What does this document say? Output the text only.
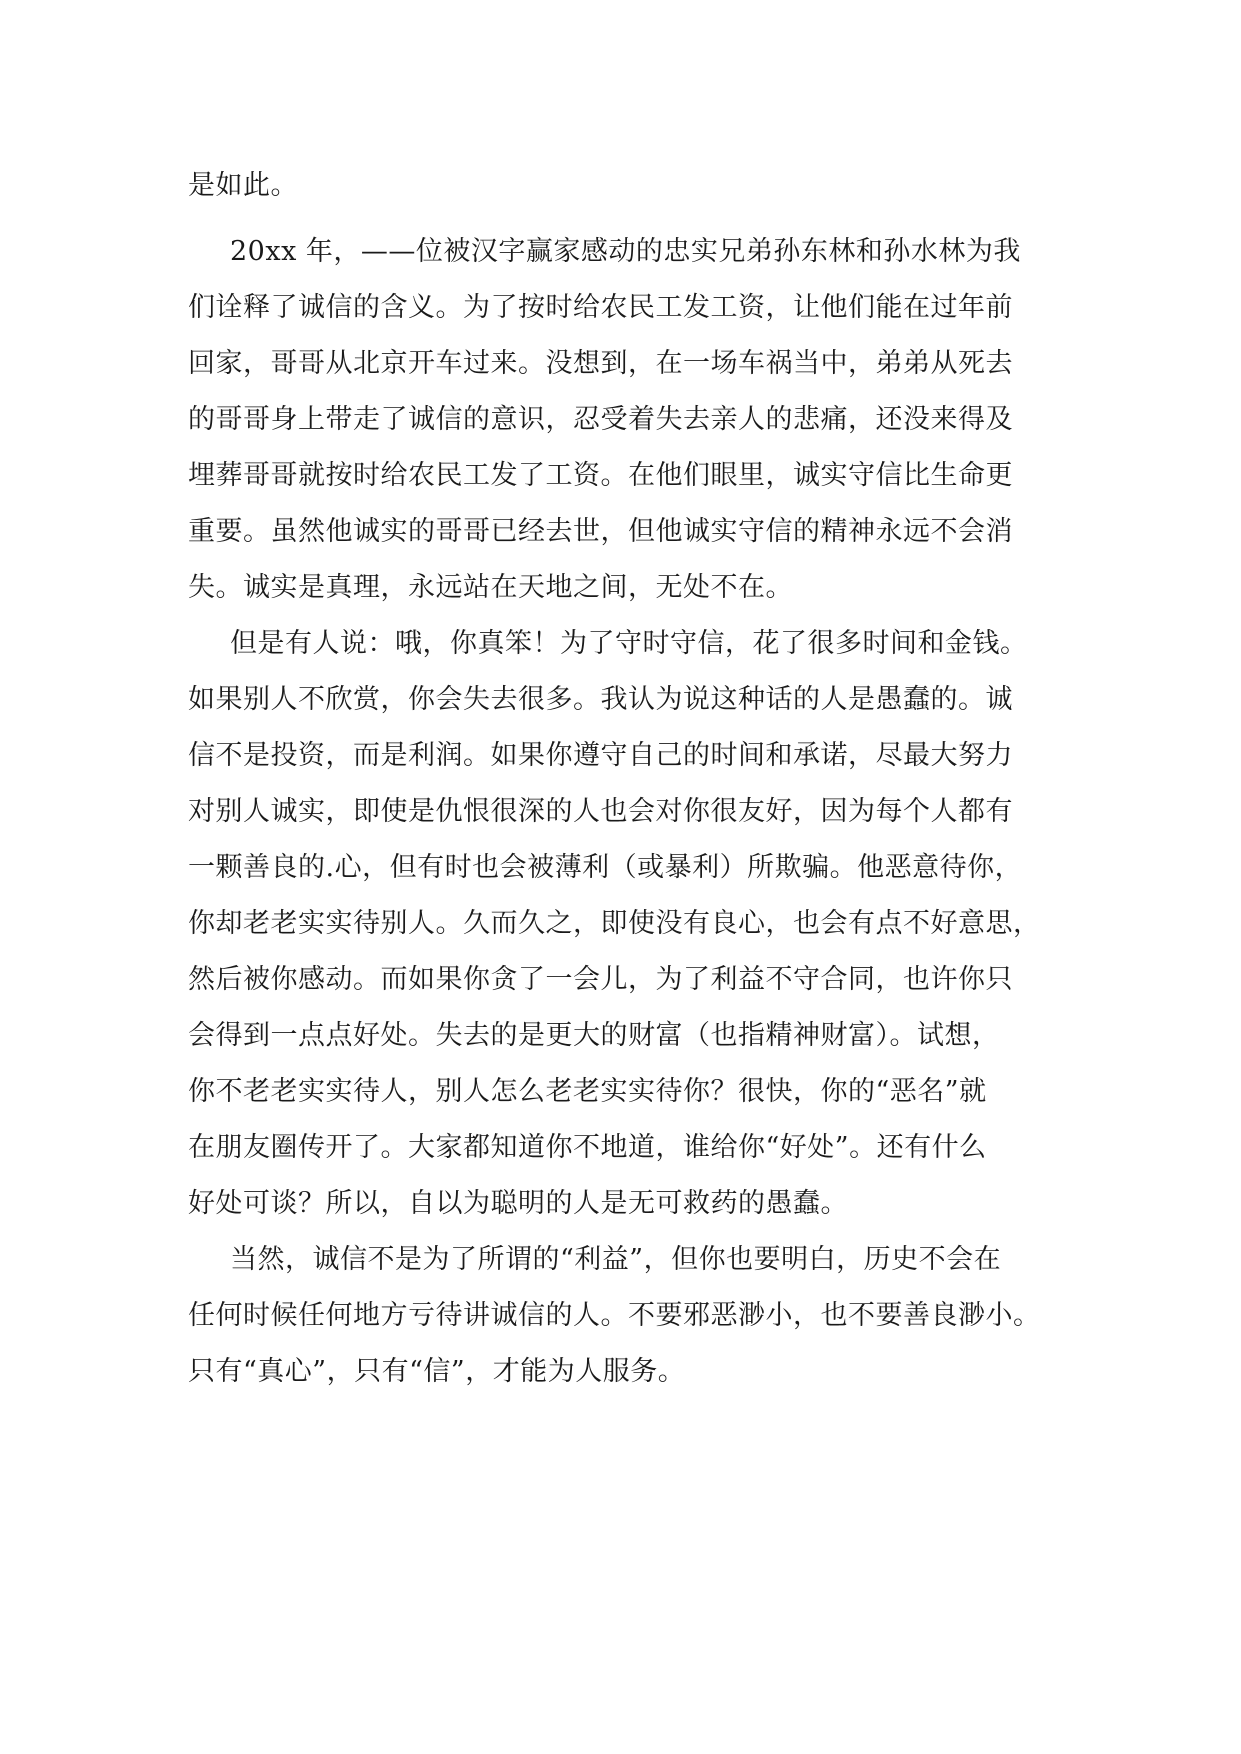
是如此。
20xx 年，——位被汉字赢家感动的忠实兄弟孙东林和孙水林为我
们诠释了诚信的含义。为了按时给农民工发工资，让他们能在过年前
回家，哥哥从北京开车过来。没想到，在一场车祸当中，弟弟从死去
的哥哥身上带走了诚信的意识，忍受着失去亲人的悲痛，还没来得及
埋葬哥哥就按时给农民工发了工资。在他们眼里，诚实守信比生命更
重要。虽然他诚实的哥哥已经去世，但他诚实守信的精神永远不会消
失。诚实是真理，永远站在天地之间，无处不在。
但是有人说：哦，你真笨！为了守时守信，花了很多时间和金钱。
如果别人不欣赏，你会失去很多。我认为说这种话的人是愚蠢的。诚
信不是投资，而是利润。如果你遵守自己的时间和承诺，尽最大努力
对别人诚实，即使是仇恨很深的人也会对你很友好，因为每个人都有
一颗善良的.心，但有时也会被薄利（或暴利）所欺骗。他恶意待你，
你却老老实实待别人。久而久之，即使没有良心，也会有点不好意思，
然后被你感动。而如果你贪了一会儿，为了利益不守合同，也许你只
会得到一点点好处。失去的是更大的财富（也指精神财富）。试想，
你不老老实实待人，别人怎么老老实实待你？很快，你的“恶名”就
在朋友圈传开了。大家都知道你不地道，谁给你“好处”。还有什么
好处可谈？所以，自以为聪明的人是无可救药的愚蠢。
当然，诚信不是为了所谓的“利益”，但你也要明白，历史不会在
任何时候任何地方亏待讲诚信的人。不要邪恶渺小，也不要善良渺小。
只有“真心”，只有“信”，才能为人服务。
